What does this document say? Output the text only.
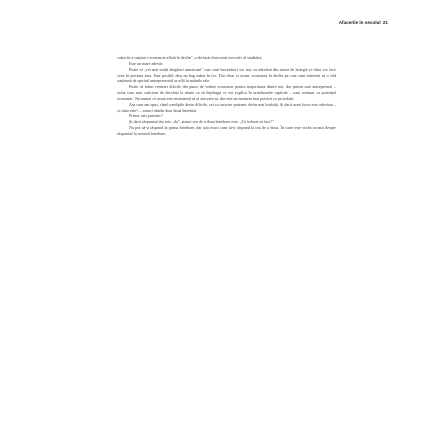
Afacerile în secolul 21

calea de a susține o economie aflată în declin", a declarat directorul executiv al studiului.

Este un mare adevăr.

Poate că „cei mai mulți alegători americani" care sunt încrezători vor ieși cu adevărat din starea de letargie și chiar vor face ceva în privința asta. Este posibil, deși nu bag mâna în foc. Dar chiar și acum, economia în declin pe care sunt interesat să o văd susținută de spiritul antreprenorial se află în mâinile tale.

Poate că trăim vremuri dificile din punct de vedere economic pentru majoritatea dintre noi, dar pentru unii antreprenori – aceia care sunt suficient de deschiși la minte ca să înțeleagă ce voi explica în următoarele capitole – sunt vremuri cu potențial economic. Nu numai că acum este momentul să ai afacerea ta, dar este un moment mai potrivit ca niciodată.

Așa cum am spus, când condițiile devin dificile, cei cu caracter puternic devin mai hotărâți. Și dacă acest lucru este adevărat – și chiar este! –, atunci rămân doar două întrebări:

Prima: ești puternic?

Și dacă răspunsul tău este „da", atunci cea de a doua întrebare este: „Ce trebuie să faci?"

Nu pot să-ți răspund la prima întrebare, dar știu exact cum să-ți răspund la cea de a doua. În carte este vorba tocmai despre răspunsul la această întrebare.
